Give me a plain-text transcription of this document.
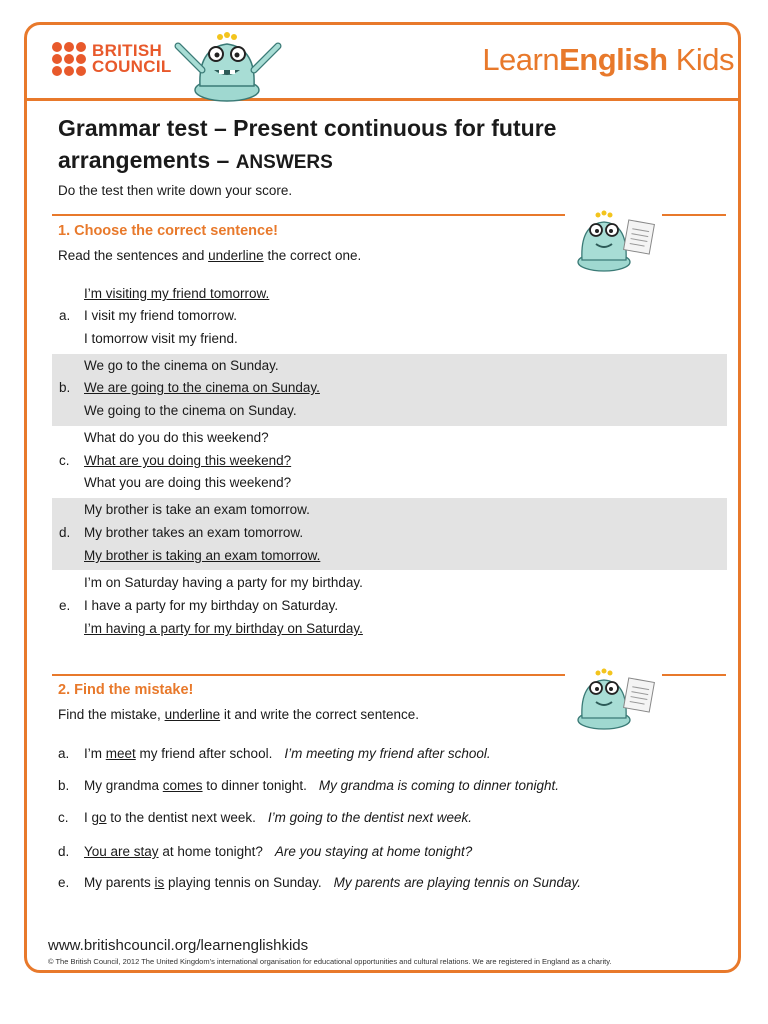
BRITISH
COUNCIL	LearnEnglish Kids
Grammar test – Present continuous for future arrangements – ANSWERS
Do the test then write down your score.
1. Choose the correct sentence!
Read the sentences and underline the correct one.
I’m visiting my friend tomorrow.
a. I visit my friend tomorrow.
I tomorrow visit my friend.
We go to the cinema on Sunday.
b. We are going to the cinema on Sunday.
We going to the cinema on Sunday.
What do you do this weekend?
c. What are you doing this weekend?
What you are doing this weekend?
My brother is take an exam tomorrow.
d. My brother takes an exam tomorrow.
My brother is taking an exam tomorrow.
I’m on Saturday having a party for my birthday.
e. I have a party for my birthday on Saturday.
I’m having a party for my birthday on Saturday.
2. Find the mistake!
Find the mistake, underline it and write the correct sentence.
a. I’m meet my friend after school. I’m meeting my friend after school.
b. My grandma comes to dinner tonight. My grandma is coming to dinner tonight.
c. I go to the dentist next week. I’m going to the dentist next week.
d. You are stay at home tonight? Are you staying at home tonight?
e. My parents is playing tennis on Sunday. My parents are playing tennis on Sunday.
www.britishcouncil.org/learnenglishkids
© The British Council, 2012 The United Kingdom’s international organisation for educational opportunities and cultural relations. We are registered in England as a charity.
